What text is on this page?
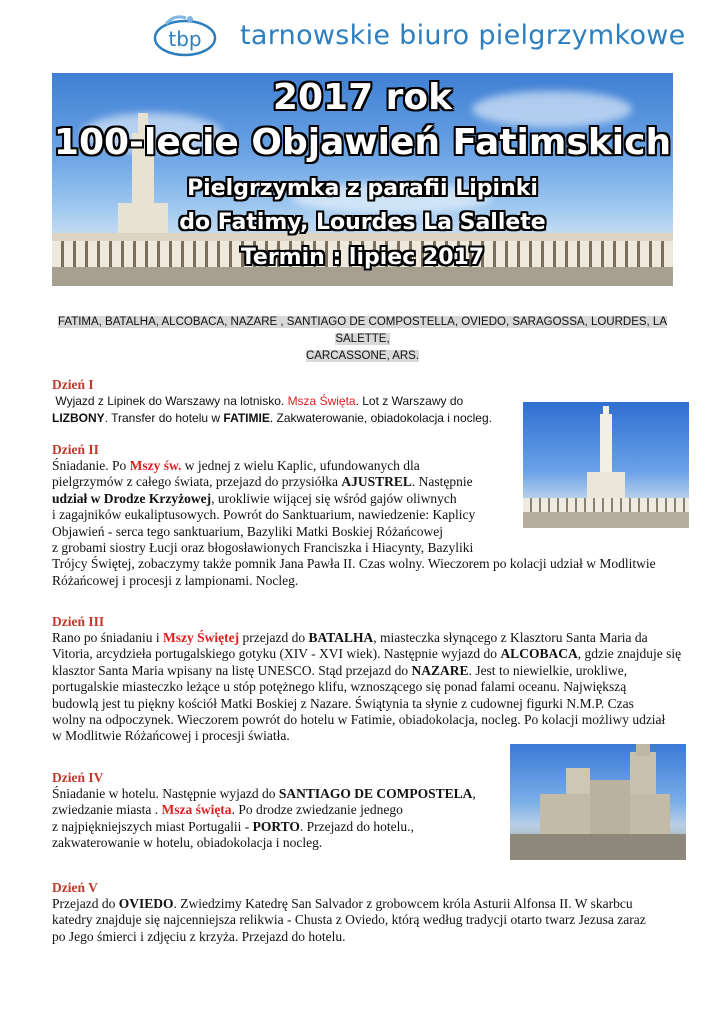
tbp tarnowskie biuro pielgrzymkowe
2017 rok
100-lecie Objawień Fatimskich
Pielgrzymka z parafii Lipinki
do Fatimy, Lourdes La Sallete
Termin : lipiec 2017
FATIMA, BATALHA, ALCOBACA, NAZARE , SANTIAGO DE COMPOSTELLA, OVIEDO, SARAGOSSA, LOURDES, LA SALETTE,
CARCASSONE, ARS.
Dzień I
Wyjazd z Lipinek do Warszawy na lotnisko. Msza Święta. Lot z Warszawy do
LIZBONY. Transfer do hotelu w FATIMIE. Zakwaterowanie, obiadokolacja i nocleg.
Dzień II
Śniadanie. Po Mszy św. w jednej z wielu Kaplic, ufundowanych dla
pielgrzymów z całego świata, przejazd do przysiółka AJUSTREL. Następnie
udział w Drodze Krzyżowej, urokliwie wijącej się wśród gajów oliwnych
i zagajników eukaliptusowych. Powrót do Sanktuarium, nawiedzenie: Kaplicy
Objawień - serca tego sanktuarium, Bazyliki Matki Boskiej Różańcowej
z grobami siostry Łucji oraz błogosławionych Franciszka i Hiacynty, Bazyliki
Trójcy Świętej, zobaczymy także pomnik Jana Pawła II. Czas wolny. Wieczorem po kolacji udział w Modlitwie
Różańcowej i procesji z lampionami. Nocleg.
Dzień III
Rano po śniadaniu i Mszy Świętej przejazd do BATALHA, miasteczka słynącego z Klasztoru Santa Maria da
Vitoria, arcydzieła portugalskiego gotyku (XIV - XVI wiek). Następnie wyjazd do ALCOBACA, gdzie znajduje się
klasztor Santa Maria wpisany na listę UNESCO. Stąd przejazd do NAZARE. Jest to niewielkie, urokliwe,
portugalskie miasteczko leżące u stóp potężnego klifu, wznoszącego się ponad falami oceanu. Największą
budowlą jest tu piękny kościół Matki Boskiej z Nazare. Świątynia ta słynie z cudownej figurki N.M.P. Czas
wolny na odpoczynek. Wieczorem powrót do hotelu w Fatimie, obiadokolacja, nocleg. Po kolacji możliwy udział
w Modlitwie Różańcowej i procesji światła.
Dzień IV
Śniadanie w hotelu. Następnie wyjazd do SANTIAGO DE COMPOSTELA,
zwiedzanie miasta . Msza święta. Po drodze zwiedzanie jednego
z najpiękniejszych miast Portugalii - PORTO. Przejazd do hotelu.,
zakwaterowanie w hotelu, obiadokolacja i nocleg.
Dzień V
Przejazd do OVIEDO. Zwiedzimy Katedrę San Salvador z grobowcem króla Asturii Alfonsa II. W skarbcu
katedry znajduje się najcenniejsza relikwia - Chusta z Oviedo, którą według tradycji otarto twarz Jezusa zaraz
po Jego śmierci i zdjęciu z krzyża. Przejazd do hotelu.
